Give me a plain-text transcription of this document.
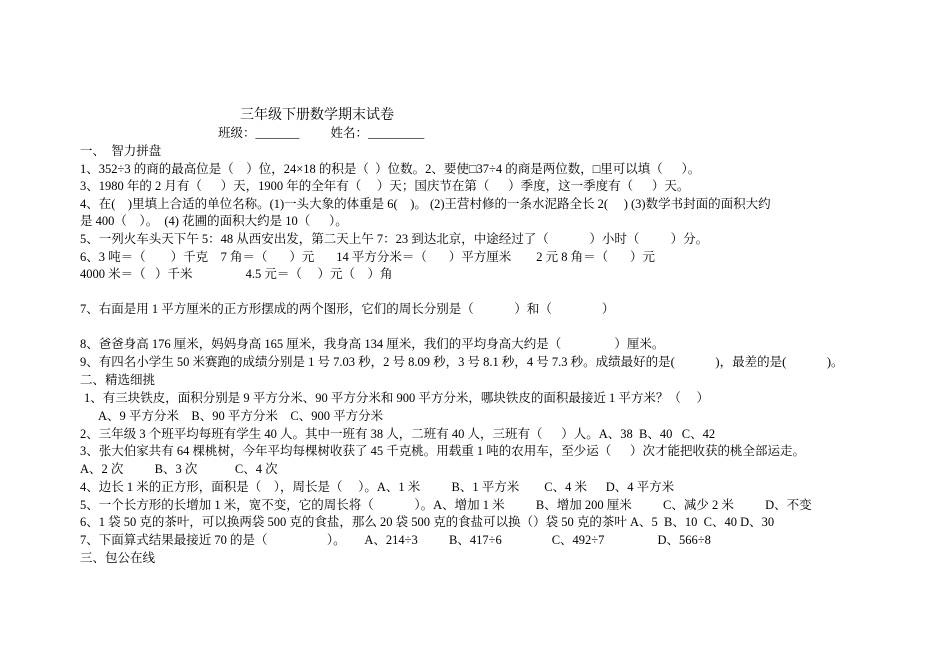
三年级下册数学期末试卷
班级：_______          姓名：_________
一、  智力拼盘
1、352÷3 的商的最高位是（    ）位，24×18 的积是（  ）位数。2、要使□37÷4 的商是两位数，□里可以填（      ）。
3、1980 年的 2 月有（      ）天，1900 年的全年有（     ）天；国庆节在第（      ）季度，这一季度有（      ）天。
4、在(    )里填上合适的单位名称。(1)一头大象的体重是 6(    )。 (2)王营村修的一条水泥路全长 2(     ) (3)数学书封面的面积大约
是 400（    ）。  (4) 花圃的面积大约是 10（      ）。
5、一列火车头天下午 5：48 从西安出发，第二天上午 7：23 到达北京，中途经过了（             ）小时（          ）分。
6、3 吨＝（        ）千克    7 角＝（       ）元       14 平方分米＝（       ）平方厘米        2 元 8 角＝（       ）元
4000 米＝（   ）千米                 4.5 元＝（     ）元（    ）角
7、右面是用 1 平方厘米的正方形摆成的两个图形，它们的周长分别是（             ）和（                ）
8、爸爸身高 176 厘米，妈妈身高 165 厘米，我身高 134 厘米，我们的平均身高大约是（                 ）厘米。
9、有四名小学生 50 米赛跑的成绩分别是 1 号 7.03 秒，2 号 8.09 秒，3 号 8.1 秒，4 号 7.3 秒。成绩最好的是(             )，最差的是(             )。
二、精选细挑
1、有三块铁皮，面积分别是 9 平方分米、90 平方分米和 900 平方分米，哪块铁皮的面积最接近 1 平方米？（     ）
A、9 平方分米    B、90 平方分米    C、900 平方分米
2、三年级 3 个班平均每班有学生 40 人。其中一班有 38 人，二班有 40 人，三班有（      ）人。A、38  B、40   C、42
3、张大伯家共有 64 棵桃树，今年平均每棵树收获了 45 千克桃。用载重 1 吨的农用车，至少运（      ）次才能把收获的桃全部运走。
A、2 次          B、3 次            C、4 次
4、边长 1 米的正方形，面积是（    ），周长是（     ）。A、1 米          B、1 平方米        C、4 米      D、4 平方米
5、一个长方形的长增加 1 米，宽不变，它的周长将（             ）。A、增加 1 米          B、增加 200 厘米          C、减少 2 米          D、不变
6、1 袋 50 克的茶叶，可以换两袋 500 克的食盐，那么 20 袋 500 克的食盐可以换（）袋 50 克的茶叶 A、5  B、10  C、40 D、30
7、下面算式结果最接近 70 的是（                   ）。      A、214÷3          B、417÷6                C、492÷7                 D、566÷8
三、包公在线
